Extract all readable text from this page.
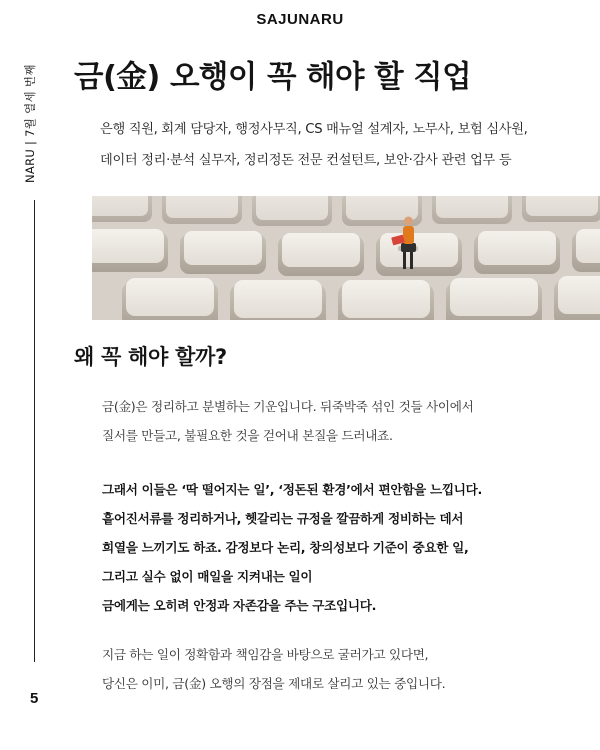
SAJUNARU
NARU | 7월 열세 번째
5
금(金) 오행이 꼭 해야 할 직업
은행 직원, 회계 담당자, 행정사무직, CS 매뉴얼 설계자, 노무사, 보험 심사원,
데이터 정리·분석 실무자, 정리정돈 전문 컨설턴트, 보안·감사 관련 업무 등
왜 꼭 해야 할까?

금(金)은 정리하고 분별하는 기운입니다. 뒤죽박죽 섞인 것들 사이에서
질서를 만들고, 불필요한 것을 걷어내 본질을 드러내죠.

그래서 이들은 ‘딱 떨어지는 일’, ‘정돈된 환경’에서 편안함을 느낍니다.
흩어진서류를 정리하거나, 헷갈리는 규정을 깔끔하게 정비하는 데서
희열을 느끼기도 하죠. 감정보다 논리, 창의성보다 기준이 중요한 일,
그리고 실수 없이 매일을 지켜내는 일이
금에게는 오히려 안정과 자존감을 주는 구조입니다.

지금 하는 일이 정확함과 책임감을 바탕으로 굴러가고 있다면,
당신은 이미, 금(金) 오행의 장점을 제대로 살리고 있는 중입니다.
